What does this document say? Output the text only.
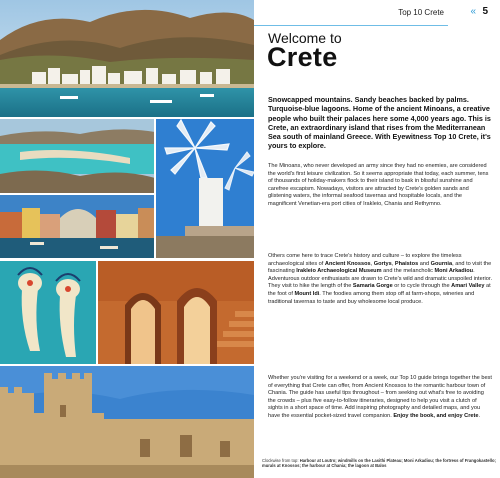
Top 10 Crete	« 5
Welcome to
Crete

Snowcapped mountains. Sandy beaches backed by palms. Turquoise-blue lagoons. Home of the ancient Minoans, a creative people who built their palaces here some 4,000 years ago. This is Crete, an extraordinary island that rises from the Mediterranean Sea south of mainland Greece. With Eyewitness Top 10 Crete, it's yours to explore.

The Minoans, who never developed an army since they had no enemies, are considered the world's first leisure civilization. So it seems appropriate that today, each summer, tens of thousands of holiday-makers flock to their island to bask in blissful sunshine and carefree escapism. Nowadays, visitors are attracted by Crete's golden sands and glistening waters, the informal seafood tavernas and hospitable locals, and the magnificent Venetian-era port cities of Irakleio, Chania and Rethymno.

Others come here to trace Crete's history and culture – to explore the timeless archaeological sites of Ancient Knossos, Gortys, Phaistos and Gournia, and to visit the fascinating Irakleio Archaeological Museum and the melancholic Moni Arkadiou. Adventurous outdoor enthusiasts are drawn to Crete's wild and dramatic unspoiled interior. They visit to hike the length of the Samaria Gorge or to cycle through the Amari Valley at the foot of Mount Idi. The foodies among them stop off at farm-shops, wineries and traditional tavernas to taste and buy wholesome local produce.

Whether you're visiting for a weekend or a week, our Top 10 guide brings together the best of everything that Crete can offer, from Ancient Knossos to the romantic harbour town of Chania. The guide has useful tips throughout – from seeking out what's free to avoiding the crowds – plus five easy-to-follow itineraries, designed to help you visit a clutch of sights in a short space of time. Add inspiring photography and detailed maps, and you have the essential pocket-sized travel companion. Enjoy the book, and enjoy Crete.

Clockwise from top: Harbour at Loutro; windmills on the Lasithi Plateau; Moni Arkadiou; the fortress of Frangokastello; murals at Knossos; the harbour at Chania; the lagoon at Balos
